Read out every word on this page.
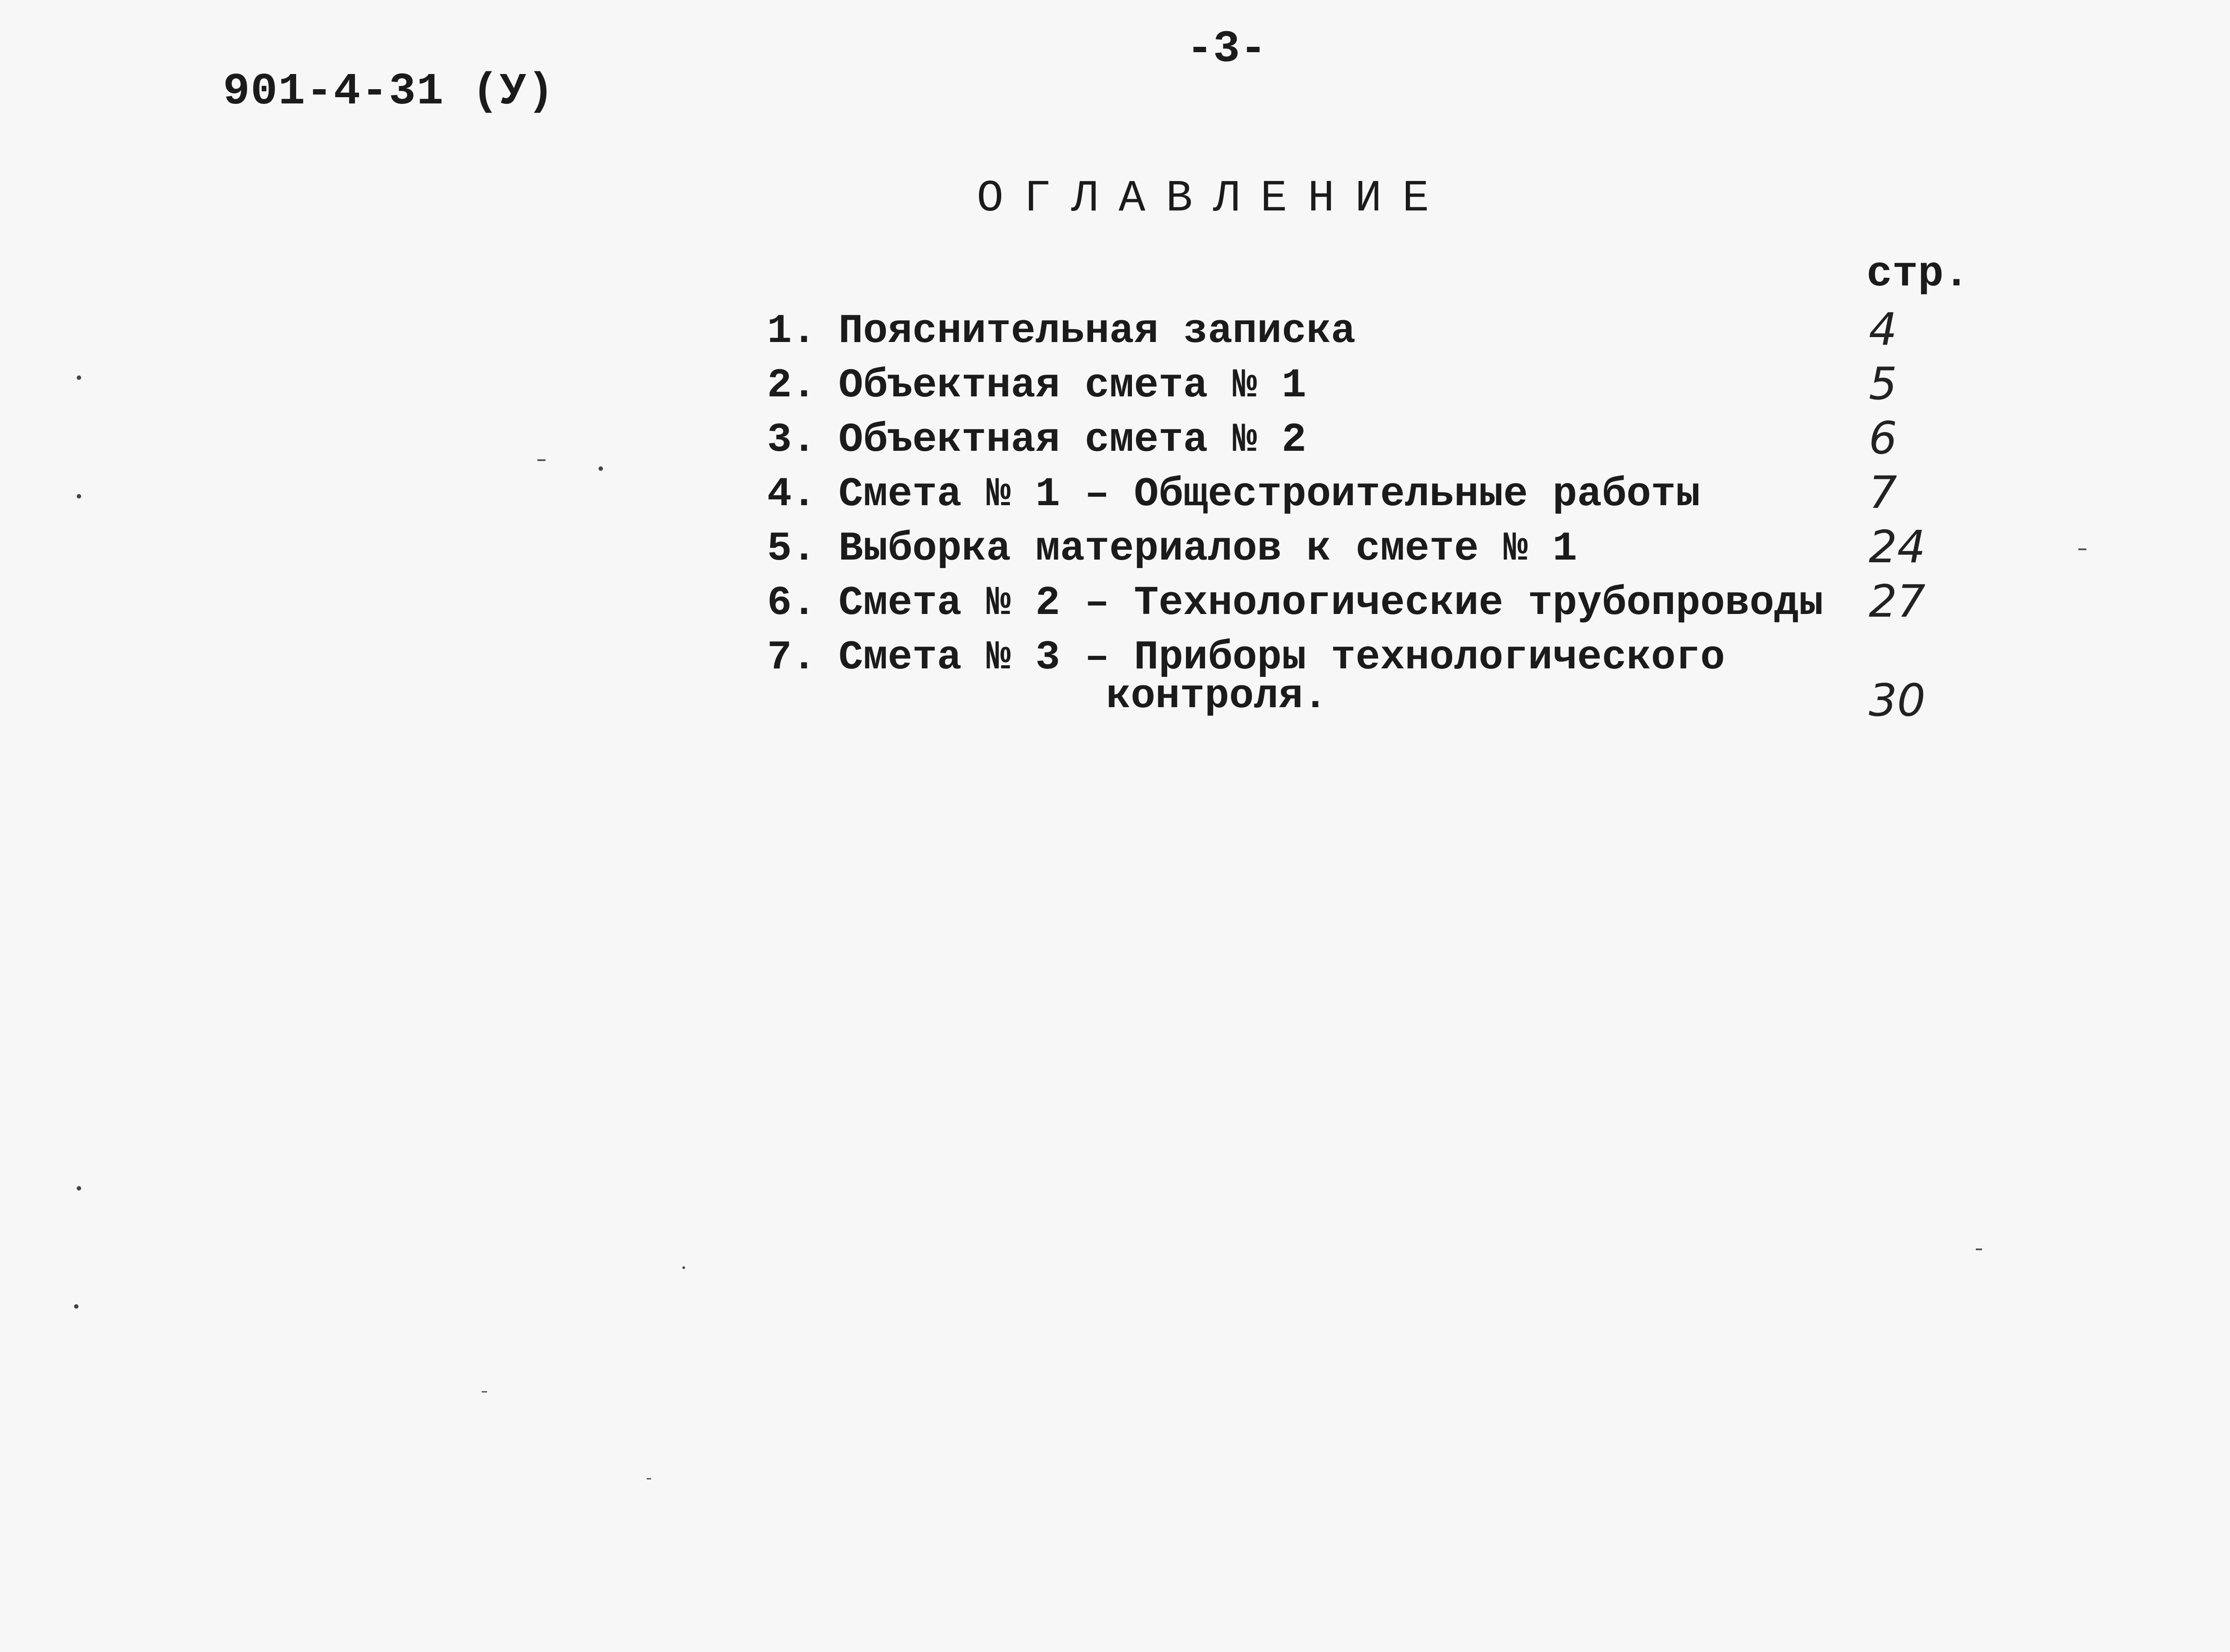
-3-
901-4-31 (У)
ОГЛАВЛЕНИЕ
стр.
1. Пояснительная записка	4
2. Объектная смета № 1	5
3. Объектная смета № 2	6
4. Смета № 1 – Общестроительные работы	7
5. Выборка материалов к смете № 1	24
6. Смета № 2 – Технологические трубопроводы 27
7. Смета № 3 – Приборы технологического
контроля.	30
